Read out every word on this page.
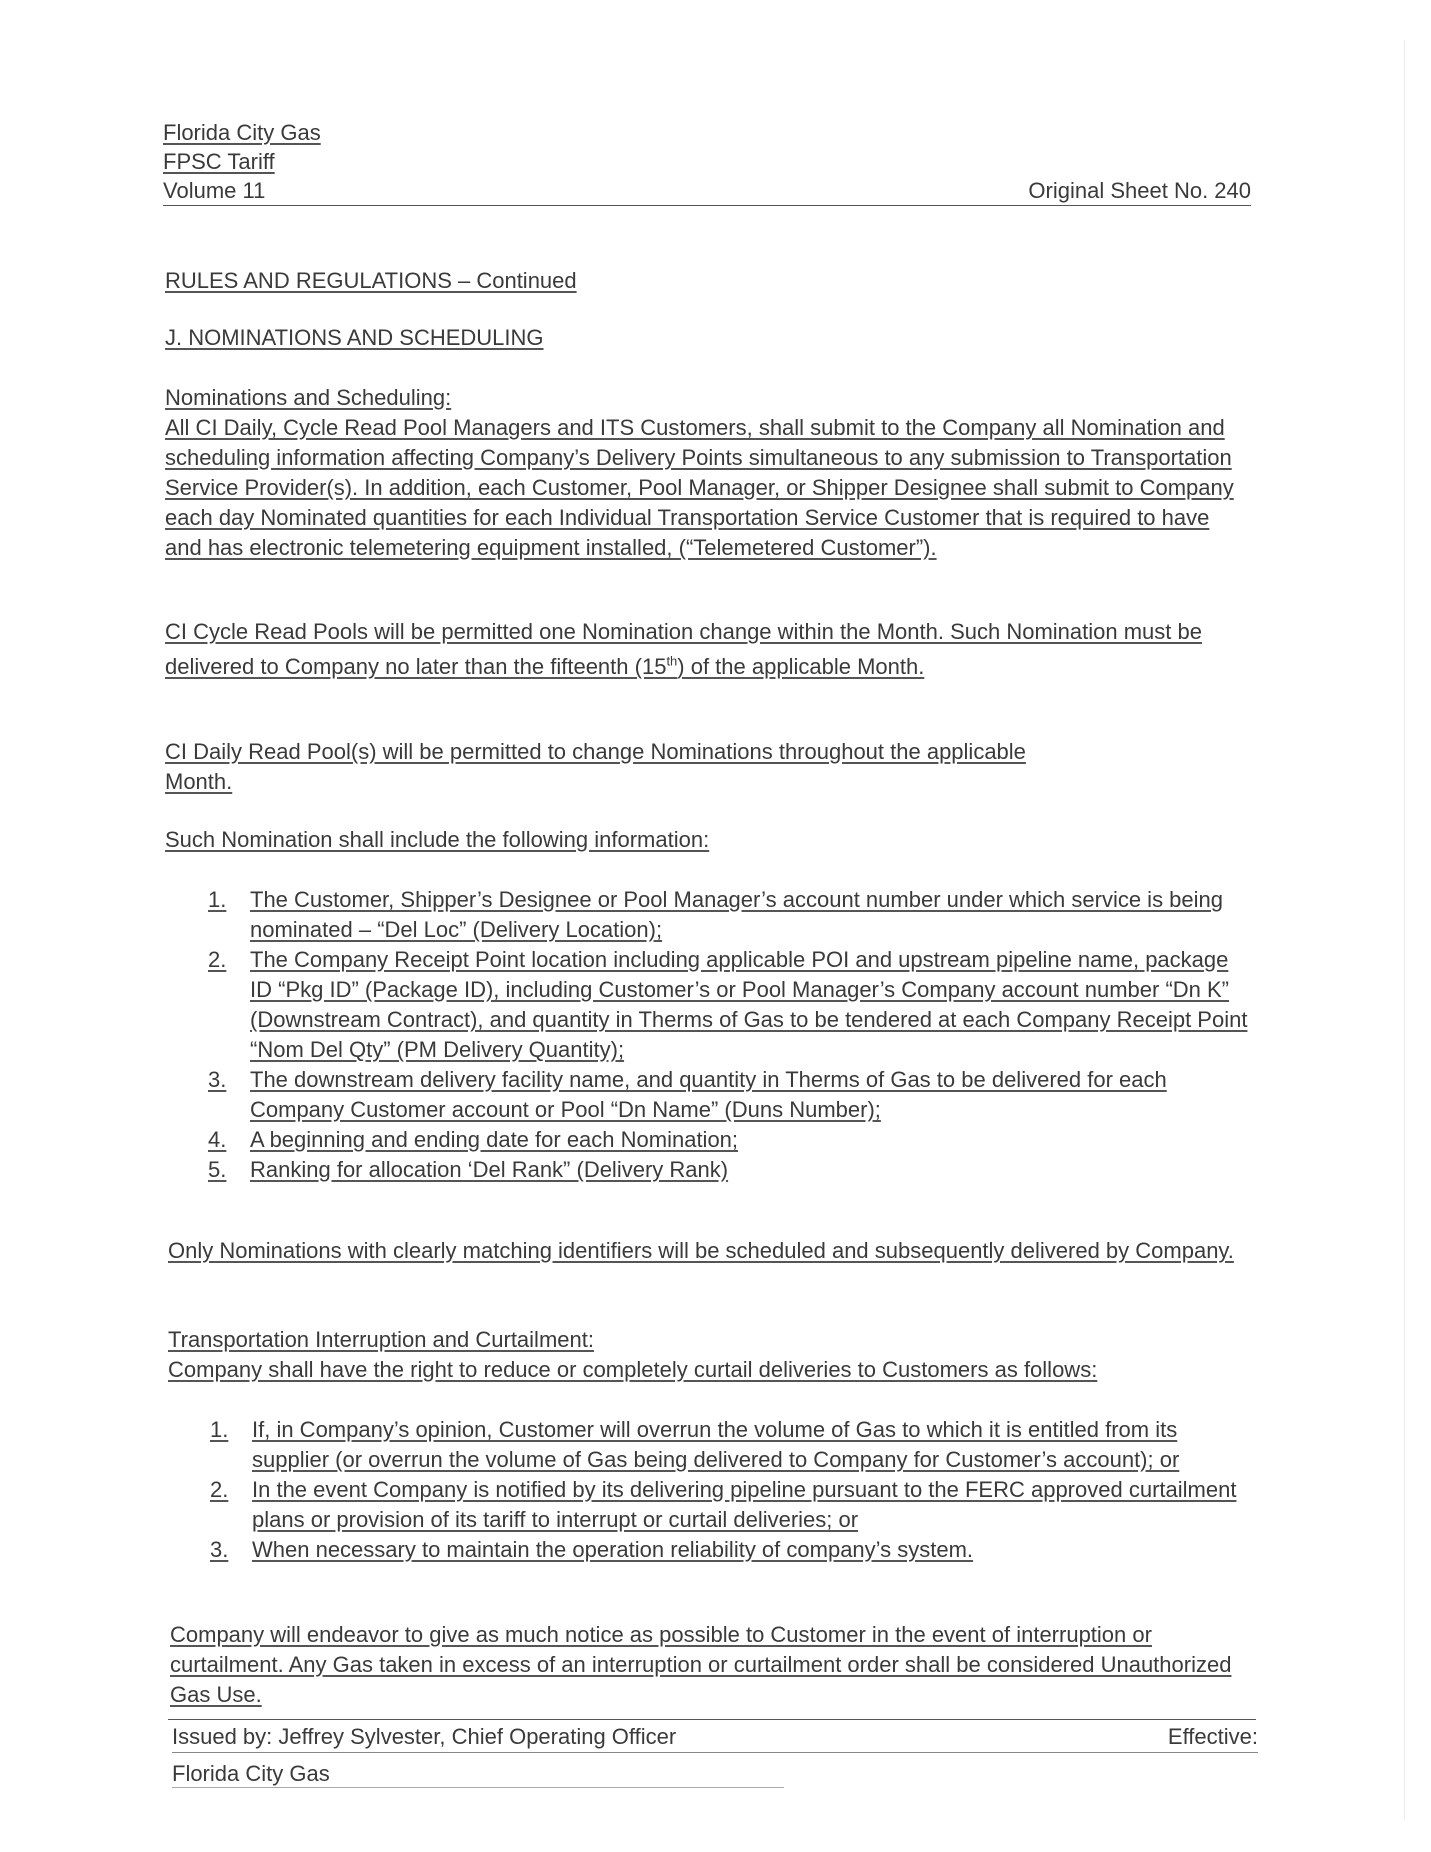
Florida City Gas
FPSC Tariff
Volume 11	Original Sheet No. 240
RULES AND REGULATIONS – Continued
J. NOMINATIONS AND SCHEDULING
Nominations and Scheduling:
All CI Daily, Cycle Read Pool Managers and ITS Customers, shall submit to the Company all Nomination and scheduling information affecting Company’s Delivery Points simultaneous to any submission to Transportation Service Provider(s). In addition, each Customer, Pool Manager, or Shipper Designee shall submit to Company each day Nominated quantities for each Individual Transportation Service Customer that is required to have and has electronic telemetering equipment installed, (“Telemetered Customer”).
CI Cycle Read Pools will be permitted one Nomination change within the Month. Such Nomination must be delivered to Company no later than the fifteenth (15th) of the applicable Month.
CI Daily Read Pool(s) will be permitted to change Nominations throughout the applicable Month.
Such Nomination shall include the following information:
1.	The Customer, Shipper’s Designee or Pool Manager’s account number under which service is being nominated – “Del Loc” (Delivery Location);
2.	The Company Receipt Point location including applicable POI and upstream pipeline name, package ID “Pkg ID” (Package ID), including Customer’s or Pool Manager’s Company account number “Dn K” (Downstream Contract), and quantity in Therms of Gas to be tendered at each Company Receipt Point “Nom Del Qty” (PM Delivery Quantity);
3.	The downstream delivery facility name, and quantity in Therms of Gas to be delivered for each Company Customer account or Pool “Dn Name” (Duns Number);
4.	A beginning and ending date for each Nomination;
5.	Ranking for allocation ‘Del Rank” (Delivery Rank)
Only Nominations with clearly matching identifiers will be scheduled and subsequently delivered by Company.
Transportation Interruption and Curtailment:
Company shall have the right to reduce or completely curtail deliveries to Customers as follows:
1.	If, in Company’s opinion, Customer will overrun the volume of Gas to which it is entitled from its supplier (or overrun the volume of Gas being delivered to Company for Customer’s account); or
2.	In the event Company is notified by its delivering pipeline pursuant to the FERC approved curtailment plans or provision of its tariff to interrupt or curtail deliveries; or
3.	When necessary to maintain the operation reliability of company’s system.
Company will endeavor to give as much notice as possible to Customer in the event of interruption or curtailment. Any Gas taken in excess of an interruption or curtailment order shall be considered Unauthorized Gas Use.
Issued by: Jeffrey Sylvester, Chief Operating Officer	Effective:
Florida City Gas
